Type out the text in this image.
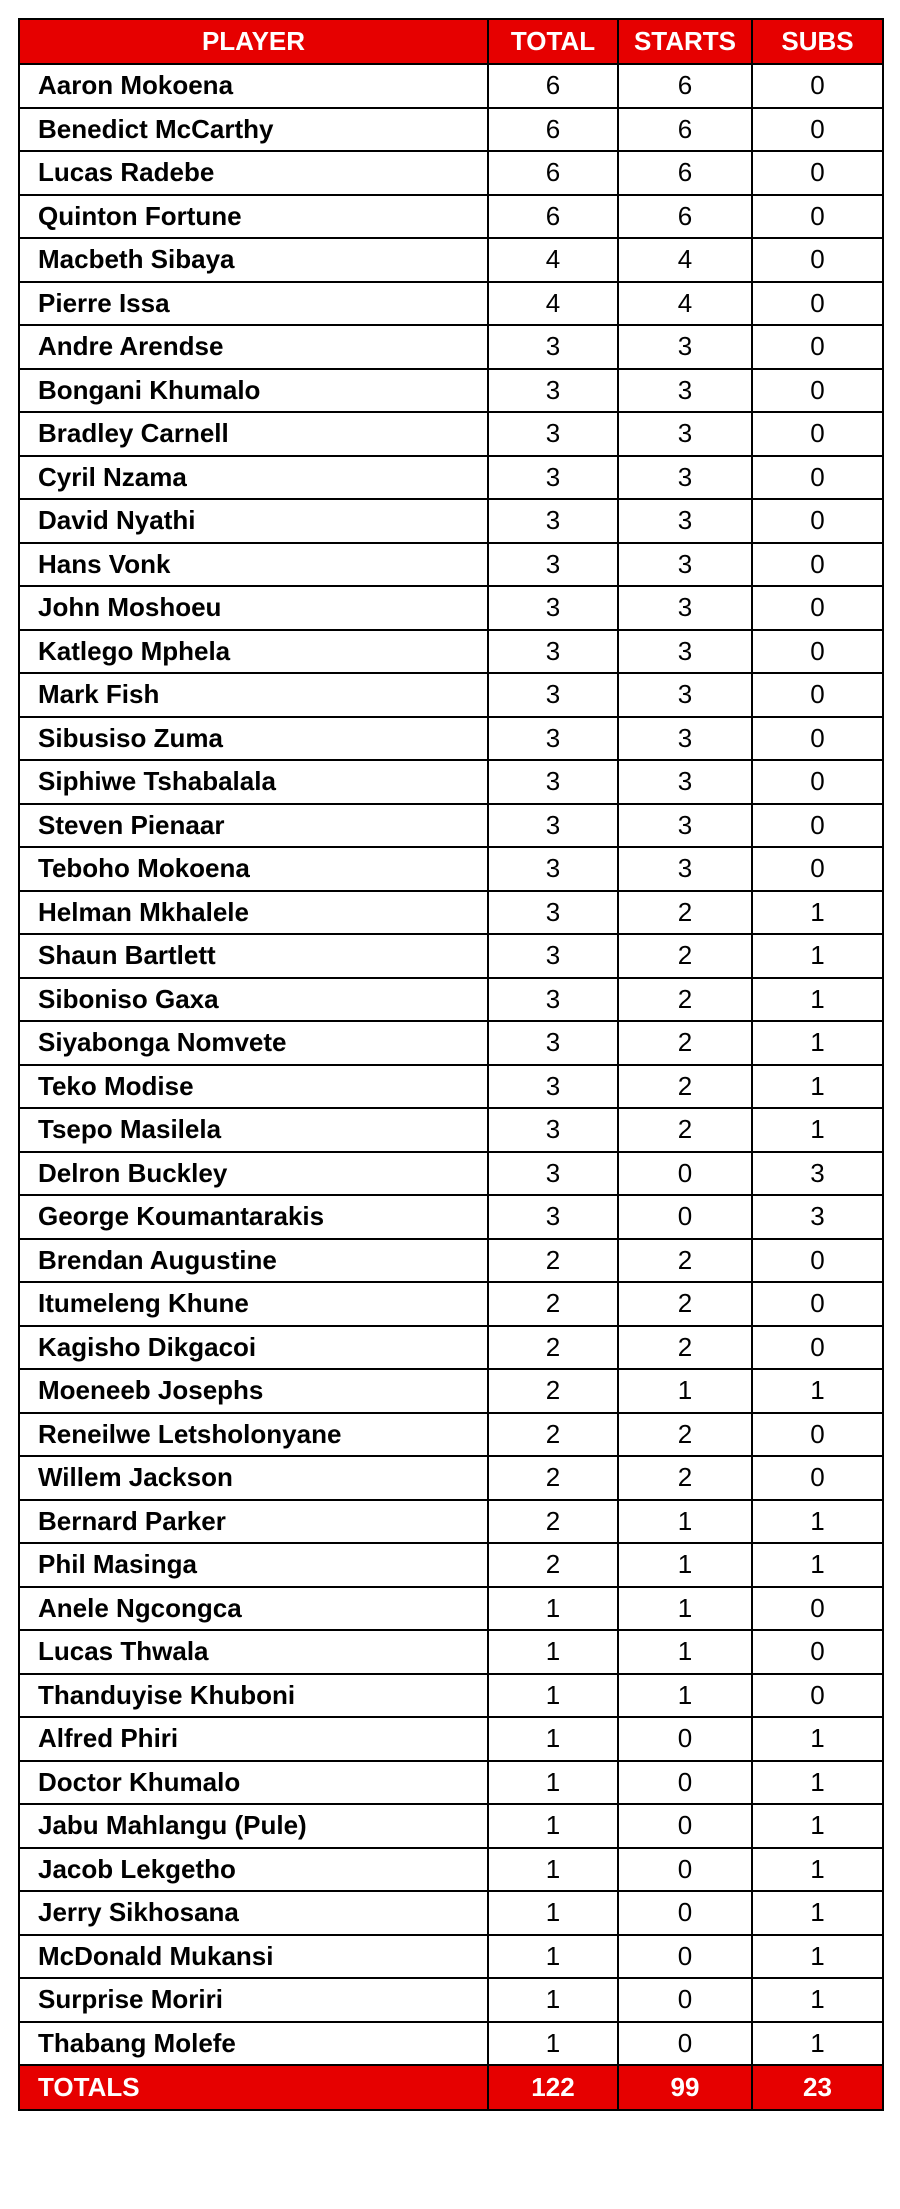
PLAYER	TOTAL	STARTS	SUBS
Aaron Mokoena	6	6	0
Benedict McCarthy	6	6	0
Lucas Radebe	6	6	0
Quinton Fortune	6	6	0
Macbeth Sibaya	4	4	0
Pierre Issa	4	4	0
Andre Arendse	3	3	0
Bongani Khumalo	3	3	0
Bradley Carnell	3	3	0
Cyril Nzama	3	3	0
David Nyathi	3	3	0
Hans Vonk	3	3	0
John Moshoeu	3	3	0
Katlego Mphela	3	3	0
Mark Fish	3	3	0
Sibusiso Zuma	3	3	0
Siphiwe Tshabalala	3	3	0
Steven Pienaar	3	3	0
Teboho Mokoena	3	3	0
Helman Mkhalele	3	2	1
Shaun Bartlett	3	2	1
Siboniso Gaxa	3	2	1
Siyabonga Nomvete	3	2	1
Teko Modise	3	2	1
Tsepo Masilela	3	2	1
Delron Buckley	3	0	3
George Koumantarakis	3	0	3
Brendan Augustine	2	2	0
Itumeleng Khune	2	2	0
Kagisho Dikgacoi	2	2	0
Moeneeb Josephs	2	1	1
Reneilwe Letsholonyane	2	2	0
Willem Jackson	2	2	0
Bernard Parker	2	1	1
Phil Masinga	2	1	1
Anele Ngcongca	1	1	0
Lucas Thwala	1	1	0
Thanduyise Khuboni	1	1	0
Alfred Phiri	1	0	1
Doctor Khumalo	1	0	1
Jabu Mahlangu (Pule)	1	0	1
Jacob Lekgetho	1	0	1
Jerry Sikhosana	1	0	1
McDonald Mukansi	1	0	1
Surprise Moriri	1	0	1
Thabang Molefe	1	0	1
TOTALS	122	99	23
